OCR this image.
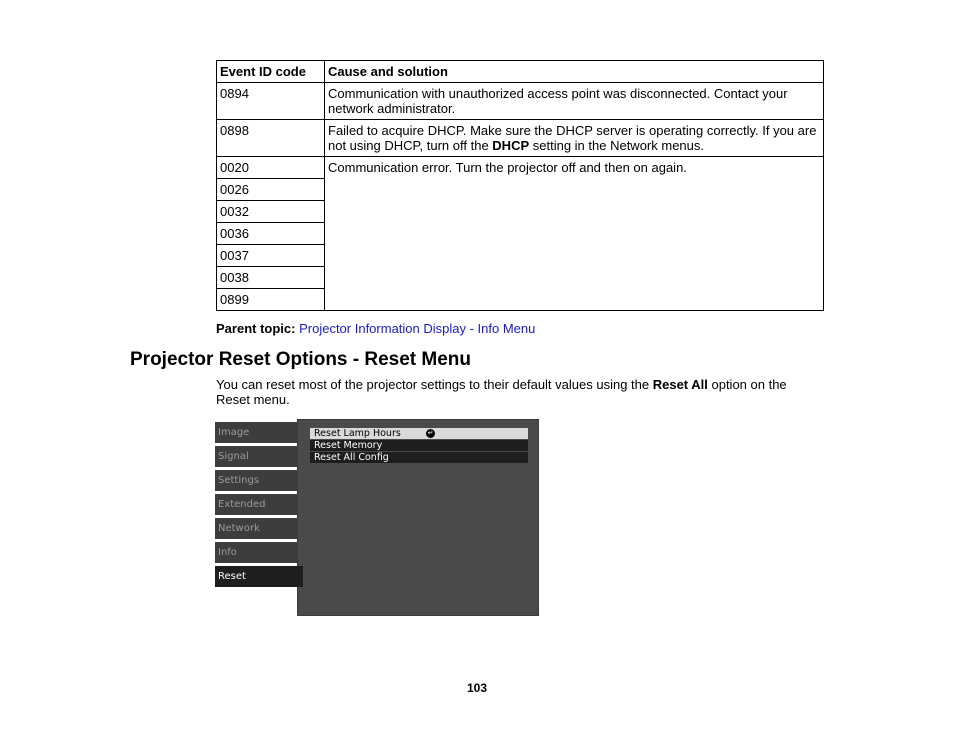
Event ID code	Cause and solution
0894	Communication with unauthorized access point was disconnected. Contact your network administrator.
0898	Failed to acquire DHCP. Make sure the DHCP server is operating correctly. If you are not using DHCP, turn off the DHCP setting in the Network menus.
0020	Communication error. Turn the projector off and then on again.
0026	
0032	
0036	
0037	
0038	
0899	
Parent topic: Projector Information Display - Info Menu
Projector Reset Options - Reset Menu

You can reset most of the projector settings to their default values using the Reset All option on the Reset menu.

Image
Signal
Settings
Extended
Network
Info
Reset
Reset Lamp Hours	↵
Reset Memory
Reset All Config
103
